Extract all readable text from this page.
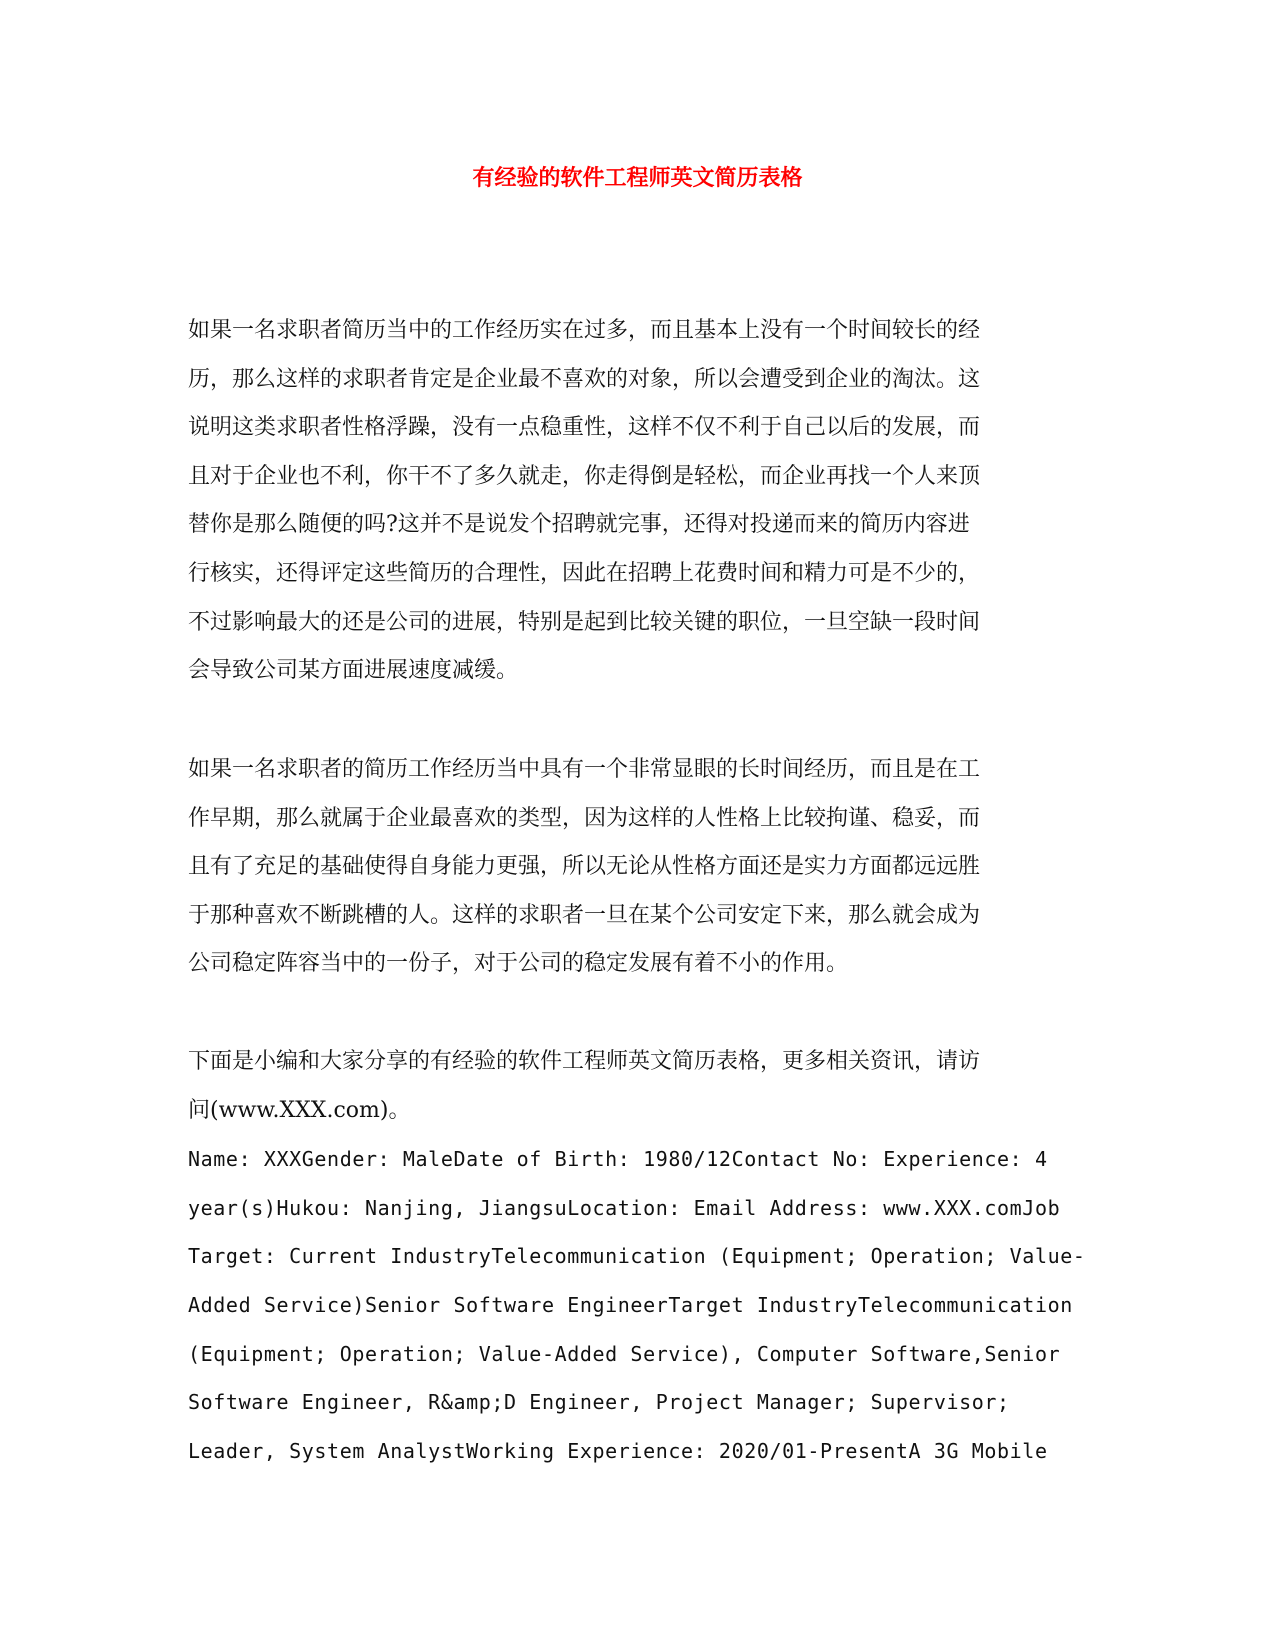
有经验的软件工程师英文简历表格
如果一名求职者简历当中的工作经历实在过多，而且基本上没有一个时间较长的经
历，那么这样的求职者肯定是企业最不喜欢的对象，所以会遭受到企业的淘汰。这
说明这类求职者性格浮躁，没有一点稳重性，这样不仅不利于自己以后的发展，而
且对于企业也不利，你干不了多久就走，你走得倒是轻松，而企业再找一个人来顶
替你是那么随便的吗?这并不是说发个招聘就完事，还得对投递而来的简历内容进
行核实，还得评定这些简历的合理性，因此在招聘上花费时间和精力可是不少的，
不过影响最大的还是公司的进展，特别是起到比较关键的职位，一旦空缺一段时间
会导致公司某方面进展速度减缓。
如果一名求职者的简历工作经历当中具有一个非常显眼的长时间经历，而且是在工
作早期，那么就属于企业最喜欢的类型，因为这样的人性格上比较拘谨、稳妥，而
且有了充足的基础使得自身能力更强，所以无论从性格方面还是实力方面都远远胜
于那种喜欢不断跳槽的人。这样的求职者一旦在某个公司安定下来，那么就会成为
公司稳定阵容当中的一份子，对于公司的稳定发展有着不小的作用。
下面是小编和大家分享的有经验的软件工程师英文简历表格，更多相关资讯，请访
问(www.XXX.com)。
Name: XXXGender: MaleDate of Birth: 1980/12Contact No: Experience: 4
year(s)Hukou: Nanjing, JiangsuLocation: Email Address: www.XXX.comJob
Target: Current IndustryTelecommunication (Equipment; Operation; Value-
Added Service)Senior Software EngineerTarget IndustryTelecommunication
(Equipment; Operation; Value-Added Service), Computer Software,Senior
Software Engineer, R&amp;D Engineer, Project Manager; Supervisor;
Leader, System AnalystWorking Experience: 2020/01-PresentA 3G Mobile
